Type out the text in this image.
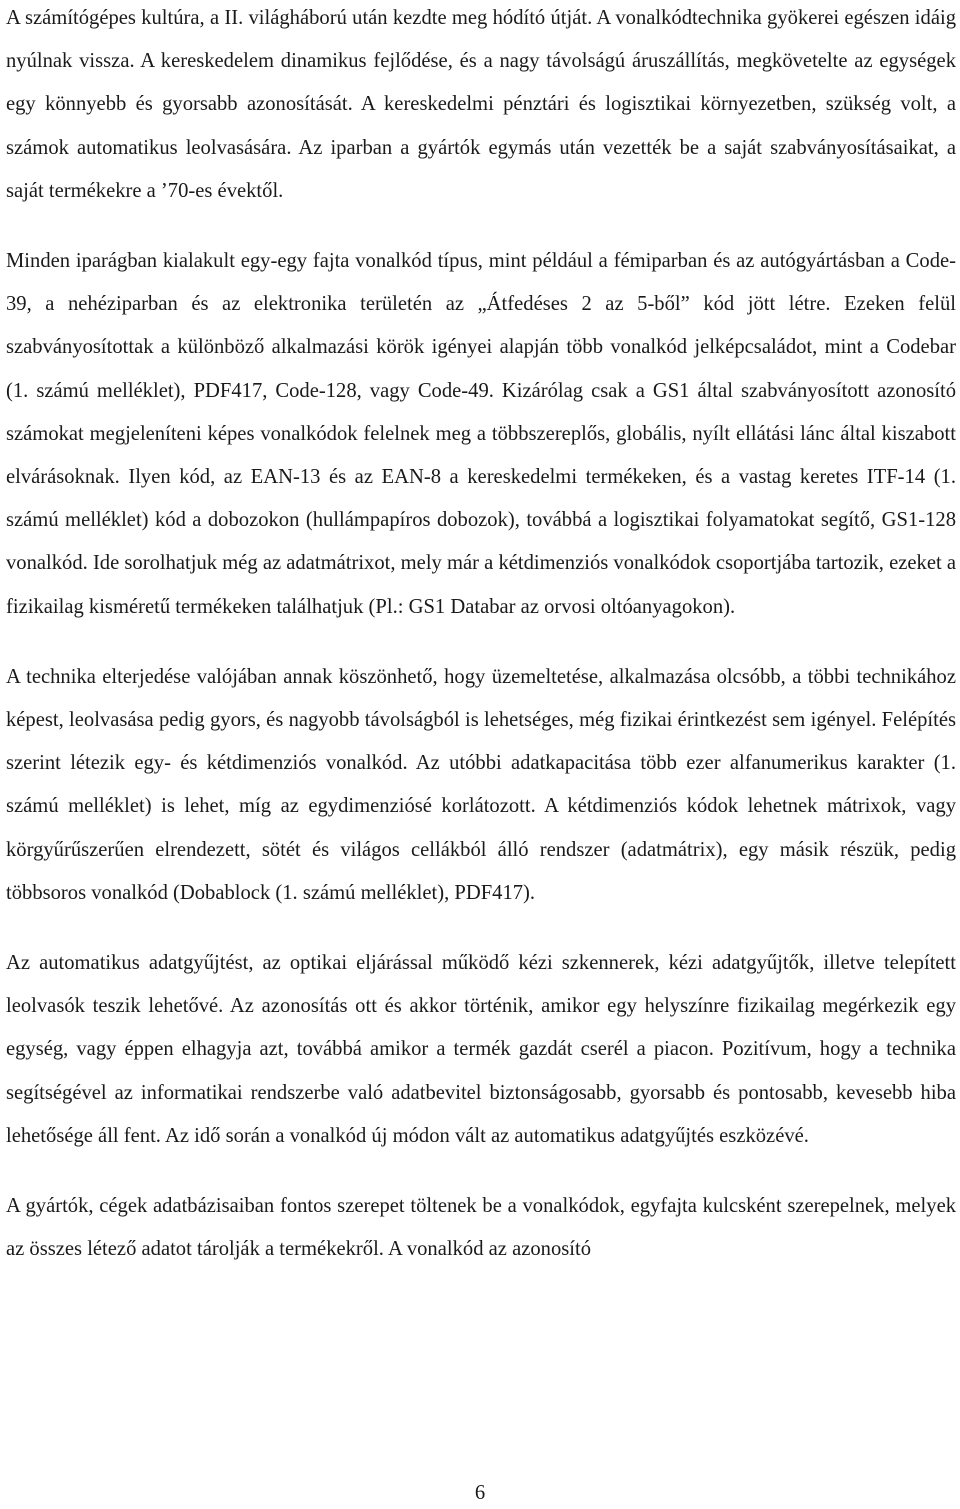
A számítógépes kultúra, a II. világháború után kezdte meg hódító útját. A vonalkódtechnika gyökerei egészen idáig nyúlnak vissza. A kereskedelem dinamikus fejlődése, és a nagy távolságú áruszállítás, megkövetelte az egységek egy könnyebb és gyorsabb azonosítását. A kereskedelmi pénztári és logisztikai környezetben, szükség volt, a számok automatikus leolvasására. Az iparban a gyártók egymás után vezették be a saját szabványosításaikat, a saját termékekre a ’70-es évektől.

Minden iparágban kialakult egy-egy fajta vonalkód típus, mint például a fémiparban és az autógyártásban a Code-39, a nehéziparban és az elektronika területén az „Átfedéses 2 az 5-ből” kód jött létre. Ezeken felül szabványosítottak a különböző alkalmazási körök igényei alapján több vonalkód jelképcsaládot, mint a Codebar (1. számú melléklet), PDF417, Code-128, vagy Code-49. Kizárólag csak a GS1 által szabványosított azonosító számokat megjeleníteni képes vonalkódok felelnek meg a többszereplős, globális, nyílt ellátási lánc által kiszabott elvárásoknak. Ilyen kód, az EAN-13 és az EAN-8 a kereskedelmi termékeken, és a vastag keretes ITF-14 (1. számú melléklet) kód a dobozokon (hullámpapíros dobozok), továbbá a logisztikai folyamatokat segítő, GS1-128 vonalkód. Ide sorolhatjuk még az adatmátrixot, mely már a kétdimenziós vonalkódok csoportjába tartozik, ezeket a fizikailag kisméretű termékeken találhatjuk (Pl.: GS1 Databar az orvosi oltóanyagokon).

A technika elterjedése valójában annak köszönhető, hogy üzemeltetése, alkalmazása olcsóbb, a többi technikához képest, leolvasása pedig gyors, és nagyobb távolságból is lehetséges, még fizikai érintkezést sem igényel. Felépítés szerint létezik egy- és kétdimenziós vonalkód. Az utóbbi adatkapacitása több ezer alfanumerikus karakter (1. számú melléklet) is lehet, míg az egydimenziósé korlátozott. A kétdimenziós kódok lehetnek mátrixok, vagy körgyűrűszerűen elrendezett, sötét és világos cellákból álló rendszer (adatmátrix), egy másik részük, pedig többsoros vonalkód (Dobablock (1. számú melléklet), PDF417).

Az automatikus adatgyűjtést, az optikai eljárással működő kézi szkennerek, kézi adatgyűjtők, illetve telepített leolvasók teszik lehetővé. Az azonosítás ott és akkor történik, amikor egy helyszínre fizikailag megérkezik egy egység, vagy éppen elhagyja azt, továbbá amikor a termék gazdát cserél a piacon. Pozitívum, hogy a technika segítségével az informatikai rendszerbe való adatbevitel biztonságosabb, gyorsabb és pontosabb, kevesebb hiba lehetősége áll fent. Az idő során a vonalkód új módon vált az automatikus adatgyűjtés eszközévé.

A gyártók, cégek adatbázisaiban fontos szerepet töltenek be a vonalkódok, egyfajta kulcsként szerepelnek, melyek az összes létező adatot tárolják a termékekről. A vonalkód az azonosító

6
